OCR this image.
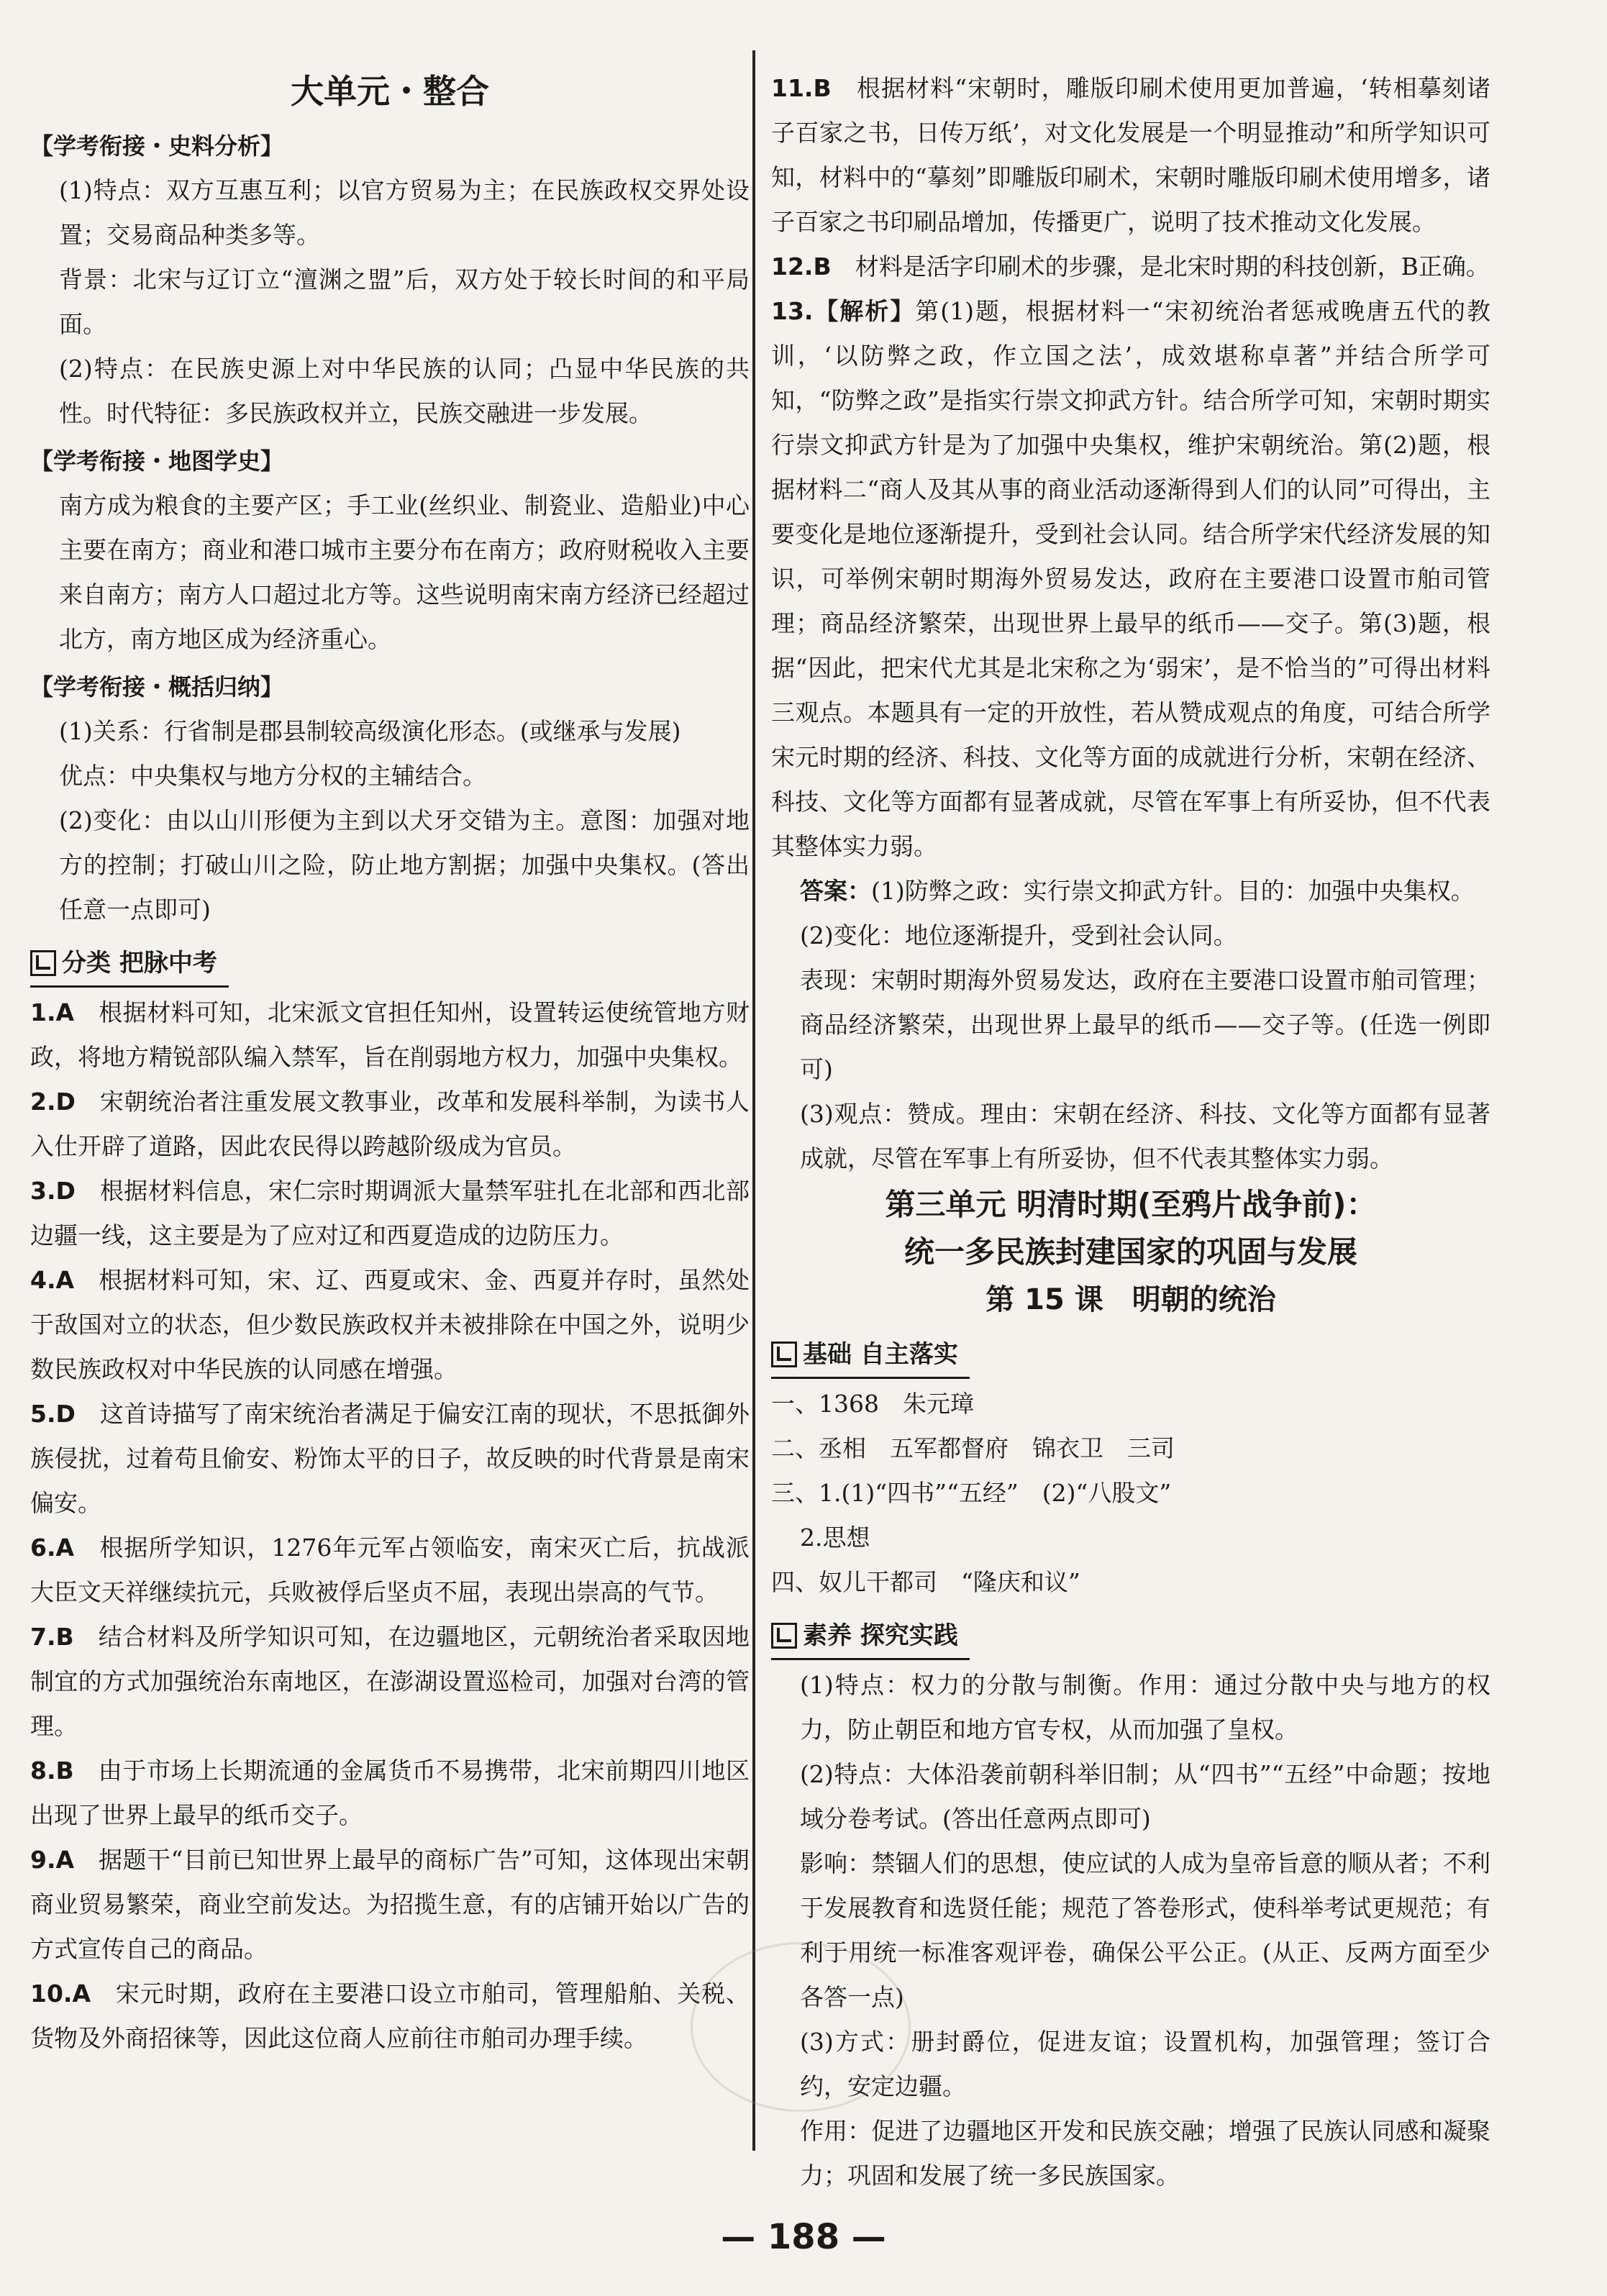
大单元・整合
【学考衔接・史料分析】

(1)特点：双方互惠互利；以官方贸易为主；在民族政权交界处设置；交易商品种类多等。

背景：北宋与辽订立“澶渊之盟”后，双方处于较长时间的和平局面。

(2)特点：在民族史源上对中华民族的认同；凸显中华民族的共性。时代特征：多民族政权并立，民族交融进一步发展。

【学考衔接・地图学史】

南方成为粮食的主要产区；手工业(丝织业、制瓷业、造船业)中心主要在南方；商业和港口城市主要分布在南方；政府财税收入主要来自南方；南方人口超过北方等。这些说明南宋南方经济已经超过北方，南方地区成为经济重心。

【学考衔接・概括归纳】

(1)关系：行省制是郡县制较高级演化形态。(或继承与发展)

优点：中央集权与地方分权的主辅结合。

(2)变化：由以山川形便为主到以犬牙交错为主。意图：加强对地方的控制；打破山川之险，防止地方割据；加强中央集权。(答出任意一点即可)

分类 把脉中考

1.A　 根据材料可知，北宋派文官担任知州，设置转运使统管地方财政，将地方精锐部队编入禁军，旨在削弱地方权力，加强中央集权。

2.D　 宋朝统治者注重发展文教事业，改革和发展科举制，为读书人入仕开辟了道路，因此农民得以跨越阶级成为官员。

3.D　 根据材料信息，宋仁宗时期调派大量禁军驻扎在北部和西北部边疆一线，这主要是为了应对辽和西夏造成的边防压力。

4.A　 根据材料可知，宋、辽、西夏或宋、金、西夏并存时，虽然处于敌国对立的状态，但少数民族政权并未被排除在中国之外，说明少数民族政权对中华民族的认同感在增强。

5.D　 这首诗描写了南宋统治者满足于偏安江南的现状，不思抵御外族侵扰，过着苟且偷安、粉饰太平的日子，故反映的时代背景是南宋偏安。

6.A　 根据所学知识，1276年元军占领临安，南宋灭亡后，抗战派大臣文天祥继续抗元，兵败被俘后坚贞不屈，表现出崇高的气节。

7.B　 结合材料及所学知识可知，在边疆地区，元朝统治者采取因地制宜的方式加强统治东南地区，在澎湖设置巡检司，加强对台湾的管理。

8.B　 由于市场上长期流通的金属货币不易携带，北宋前期四川地区出现了世界上最早的纸币交子。

9.A　 据题干“目前已知世界上最早的商标广告”可知，这体现出宋朝商业贸易繁荣，商业空前发达。为招揽生意，有的店铺开始以广告的方式宣传自己的商品。

10.A　 宋元时期，政府在主要港口设立市舶司，管理船舶、关税、货物及外商招徕等，因此这位商人应前往市舶司办理手续。

11.B　 根据材料“宋朝时，雕版印刷术使用更加普遍，‘转相摹刻诸子百家之书，日传万纸’，对文化发展是一个明显推动”和所学知识可知，材料中的“摹刻”即雕版印刷术，宋朝时雕版印刷术使用增多，诸子百家之书印刷品增加，传播更广，说明了技术推动文化发展。

12.B　 材料是活字印刷术的步骤，是北宋时期的科技创新，B正确。

13.【解析】第(1)题，根据材料一“宋初统治者惩戒晚唐五代的教训，‘以防弊之政，作立国之法’，成效堪称卓著”并结合所学可知，“防弊之政”是指实行崇文抑武方针。结合所学可知，宋朝时期实行崇文抑武方针是为了加强中央集权，维护宋朝统治。第(2)题，根据材料二“商人及其从事的商业活动逐渐得到人们的认同”可得出，主要变化是地位逐渐提升，受到社会认同。结合所学宋代经济发展的知识，可举例宋朝时期海外贸易发达，政府在主要港口设置市舶司管理；商品经济繁荣，出现世界上最早的纸币——交子。第(3)题，根据“因此，把宋代尤其是北宋称之为‘弱宋’，是不恰当的”可得出材料三观点。本题具有一定的开放性，若从赞成观点的角度，可结合所学宋元时期的经济、科技、文化等方面的成就进行分析，宋朝在经济、科技、文化等方面都有显著成就，尽管在军事上有所妥协，但不代表其整体实力弱。

答案：(1)防弊之政：实行崇文抑武方针。目的：加强中央集权。

(2)变化：地位逐渐提升，受到社会认同。

表现：宋朝时期海外贸易发达，政府在主要港口设置市舶司管理；商品经济繁荣，出现世界上最早的纸币——交子等。(任选一例即可)

(3)观点：赞成。理由：宋朝在经济、科技、文化等方面都有显著成就，尽管在军事上有所妥协，但不代表其整体实力弱。

第三单元 明清时期(至鸦片战争前)：
统一多民族封建国家的巩固与发展
第 15 课　明朝的统治
基础 自主落实

一、1368　朱元璋

二、丞相　五军都督府　锦衣卫　三司

三、1.(1)“四书”“五经”　(2)“八股文”

2.思想

四、奴儿干都司　“隆庆和议”

素养 探究实践

(1)特点：权力的分散与制衡。作用：通过分散中央与地方的权力，防止朝臣和地方官专权，从而加强了皇权。

(2)特点：大体沿袭前朝科举旧制；从“四书”“五经”中命题；按地域分卷考试。(答出任意两点即可)

影响：禁锢人们的思想，使应试的人成为皇帝旨意的顺从者；不利于发展教育和选贤任能；规范了答卷形式，使科举考试更规范；有利于用统一标准客观评卷，确保公平公正。(从正、反两方面至少各答一点)

(3)方式：册封爵位，促进友谊；设置机构，加强管理；签订合约，安定边疆。

作用：促进了边疆地区开发和民族交融；增强了民族认同感和凝聚力；巩固和发展了统一多民族国家。

— 188 —
